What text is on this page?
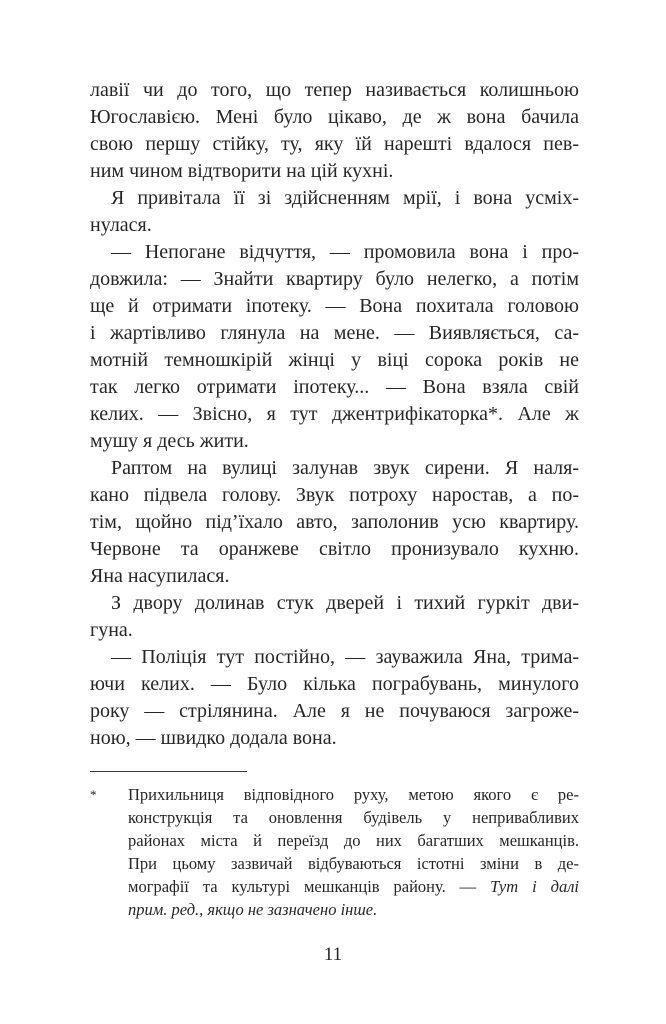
лавії чи до того, що тепер називається колишньою
Югославією. Мені було цікаво, де ж вона бачила
свою першу стійку, ту, яку їй нарешті вдалося пев-
ним чином відтворити на цій кухні.
Я привітала її зі здійсненням мрії, і вона усміх-
нулася.
— Непогане відчуття, — промовила вона і про-
довжила: — Знайти квартиру було нелегко, а потім
ще й отримати іпотеку. — Вона похитала головою
і жартівливо глянула на мене. — Виявляється, са-
мотній темношкірій жінці у віці сорока років не
так легко отримати іпотеку... — Вона взяла свій
келих. — Звісно, я тут джентрифікаторка*. Але ж
мушу я десь жити.
Раптом на вулиці залунав звук сирени. Я наля-
кано підвела голову. Звук потроху наростав, а по-
тім, щойно під’їхало авто, заполонив усю квартиру.
Червоне та оранжеве світло пронизувало кухню.
Яна насупилася.
З двору долинав стук дверей і тихий гуркіт дви-
гуна.
— Поліція тут постійно, — зауважила Яна, трима-
ючи келих. — Було кілька пограбувань, минулого
року — стрілянина. Але я не почуваюся загроже-
ною, — швидко додала вона.
*	Прихильниця відповідного руху, метою якого є ре-
конструкція та оновлення будівель у непривабливих
районах міста й переїзд до них багатших мешканців.
При цьому зазвичай відбуваються істотні зміни в де-
мографії та культурі мешканців району. — Тут і далі
прим. ред., якщо не зазначено інше.
11
